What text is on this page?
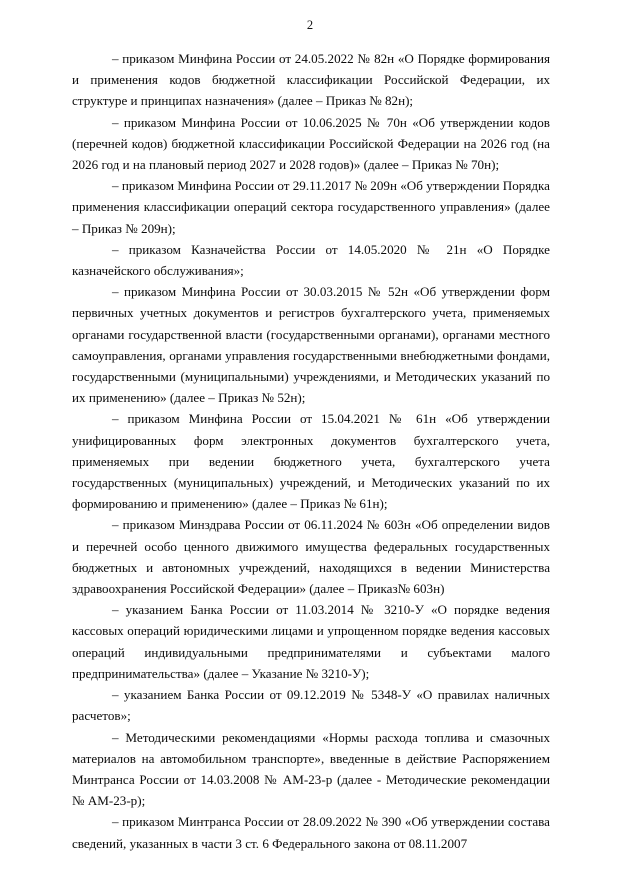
2

– приказом Минфина России от 24.05.2022 № 82н «О Порядке формирования и применения кодов бюджетной классификации Российской Федерации, их структуре и принципах назначения» (далее – Приказ № 82н);

– приказом Минфина России от 10.06.2025 № 70н «Об утверждении кодов (перечней кодов) бюджетной классификации Российской Федерации на 2026 год (на 2026 год и на плановый период 2027 и 2028 годов)» (далее – Приказ № 70н);

– приказом Минфина России от 29.11.2017 № 209н «Об утверждении Порядка применения классификации операций сектора государственного управления» (далее – Приказ № 209н);

– приказом Казначейства России от 14.05.2020 № 21н «О Порядке казначейского обслуживания»;

– приказом Минфина России от 30.03.2015 № 52н «Об утверждении форм первичных учетных документов и регистров бухгалтерского учета, применяемых органами государственной власти (государственными органами), органами местного самоуправления, органами управления государственными внебюджетными фондами, государственными (муниципальными) учреждениями, и Методических указаний по их применению» (далее – Приказ № 52н);

– приказом Минфина России от 15.04.2021 № 61н «Об утверждении унифицированных форм электронных документов бухгалтерского учета, применяемых при ведении бюджетного учета, бухгалтерского учета государственных (муниципальных) учреждений, и Методических указаний по их формированию и применению» (далее – Приказ № 61н);

– приказом Минздрава России от 06.11.2024 № 603н «Об определении видов и перечней особо ценного движимого имущества федеральных государственных бюджетных и автономных учреждений, находящихся в ведении Министерства здравоохранения Российской Федерации» (далее – Приказ№ 603н)

– указанием Банка России от 11.03.2014 № 3210-У «О порядке ведения кассовых операций юридическими лицами и упрощенном порядке ведения кассовых операций индивидуальными предпринимателями и субъектами малого предпринимательства» (далее – Указание № 3210-У);

– указанием Банка России от 09.12.2019 № 5348-У «О правилах наличных расчетов»;

– Методическими рекомендациями «Нормы расхода топлива и смазочных материалов на автомобильном транспорте», введенные в действие Распоряжением Минтранса России от 14.03.2008 № АМ-23-р (далее - Методические рекомендации № АМ-23-р);

– приказом Минтранса России от 28.09.2022 № 390 «Об утверждении состава сведений, указанных в части 3 ст. 6 Федерального закона от 08.11.2007
